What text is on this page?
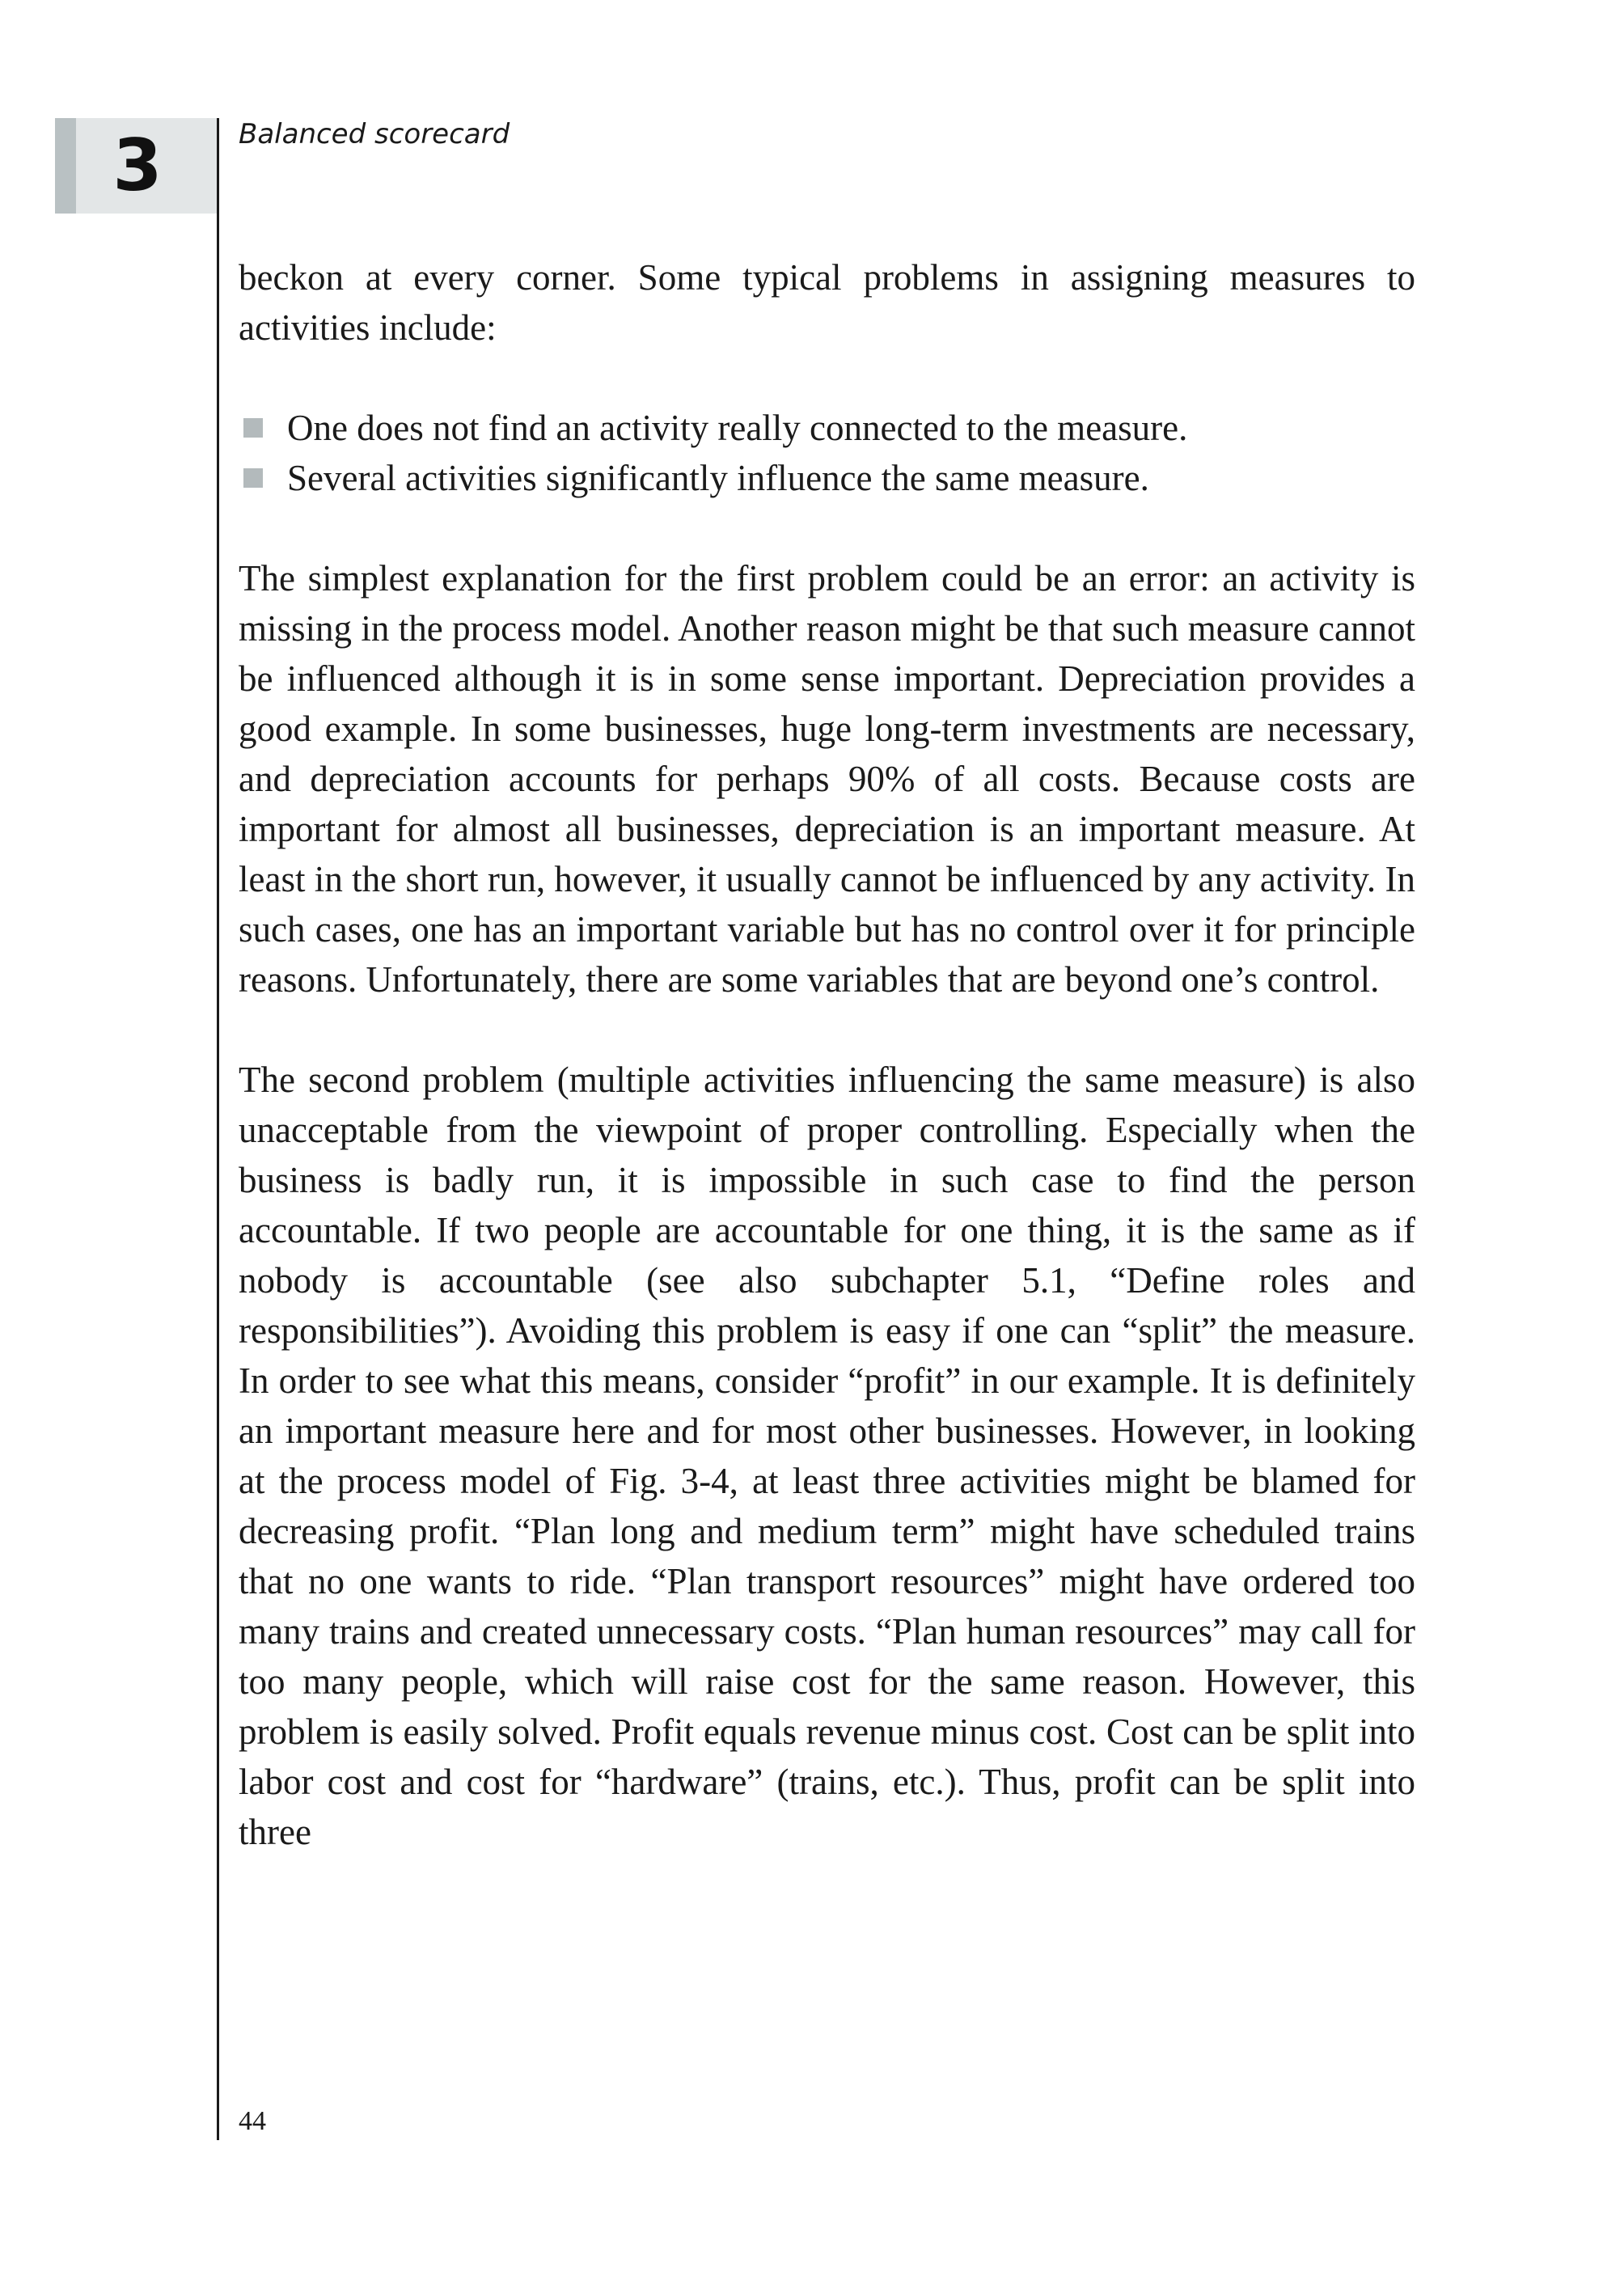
3	Balanced scorecard

beckon at every corner. Some typical problems in assigning measures to activities include:

One does not find an activity really connected to the measure.
Several activities significantly influence the same measure.

The simplest explanation for the first problem could be an error: an activity is missing in the process model. Another reason might be that such measure cannot be influenced although it is in some sense important. Depreciation provides a good example. In some businesses, huge long-term investments are necessary, and depreciation accounts for perhaps 90% of all costs. Because costs are important for almost all businesses, depreciation is an important measure. At least in the short run, however, it usually cannot be influenced by any activity. In such cases, one has an important variable but has no control over it for principle reasons. Unfortunately, there are some variables that are beyond one’s control.

The second problem (multiple activities influencing the same measure) is also unacceptable from the viewpoint of proper controlling. Especially when the business is badly run, it is impossible in such case to find the person accountable. If two people are accountable for one thing, it is the same as if nobody is accountable (see also subchapter 5.1, “Define roles and responsibilities”). Avoiding this problem is easy if one can “split” the measure. In order to see what this means, consider “profit” in our example. It is definitely an important measure here and for most other businesses. However, in looking at the process model of Fig. 3-4, at least three activities might be blamed for decreasing profit. “Plan long and medium term” might have scheduled trains that no one wants to ride. “Plan transport resources” might have ordered too many trains and created unnecessary costs. “Plan human resources” may call for too many people, which will raise cost for the same reason. However, this problem is easily solved. Profit equals revenue minus cost. Cost can be split into labor cost and cost for “hardware” (trains, etc.). Thus, profit can be split into three

44
